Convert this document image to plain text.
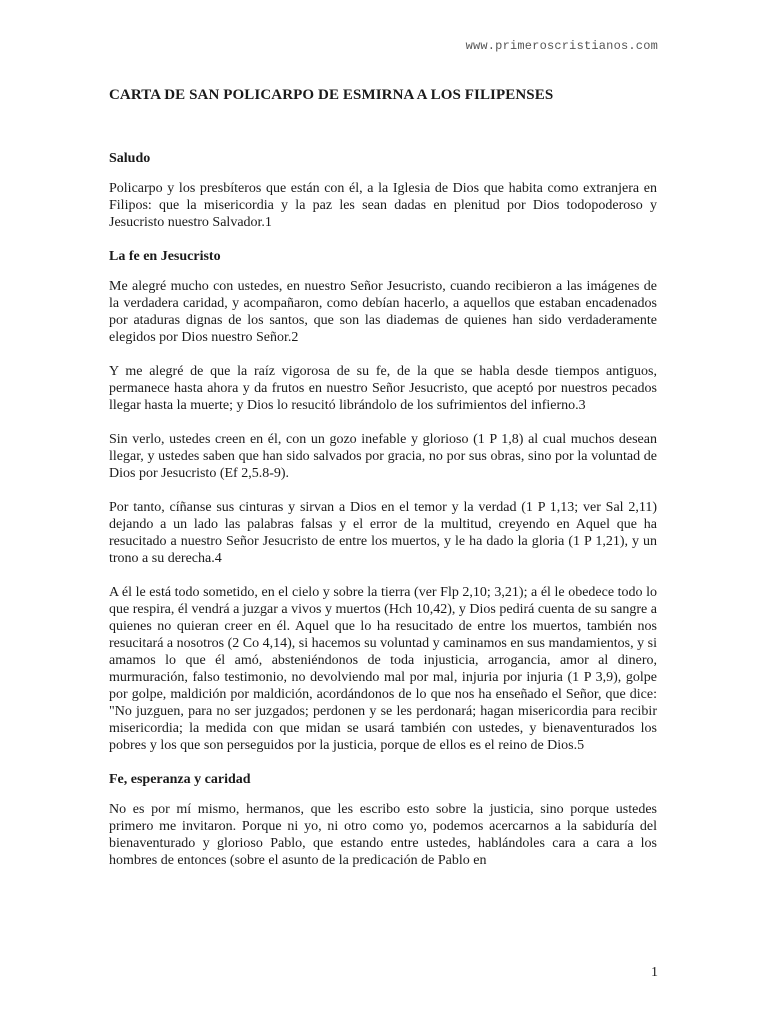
www.primeroscristianos.com
CARTA DE SAN POLICARPO DE ESMIRNA A LOS FILIPENSES
Saludo

Policarpo y los presbíteros que están con él, a la Iglesia de Dios que habita como extranjera en Filipos: que la misericordia y la paz les sean dadas en plenitud por Dios todopoderoso y Jesucristo nuestro Salvador.1

La fe en Jesucristo

Me alegré mucho con ustedes, en nuestro Señor Jesucristo, cuando recibieron a las imágenes de la verdadera caridad, y acompañaron, como debían hacerlo, a aquellos que estaban encadenados por ataduras dignas de los santos, que son las diademas de quienes han sido verdaderamente elegidos por Dios nuestro Señor.2

Y me alegré de que la raíz vigorosa de su fe, de la que se habla desde tiempos antiguos, permanece hasta ahora y da frutos en nuestro Señor Jesucristo, que aceptó por nuestros pecados llegar hasta la muerte; y Dios lo resucitó librándolo de los sufrimientos del infierno.3

Sin verlo, ustedes creen en él, con un gozo inefable y glorioso (1 P 1,8) al cual muchos desean llegar, y ustedes saben que han sido salvados por gracia, no por sus obras, sino por la voluntad de Dios por Jesucristo (Ef 2,5.8-9).

Por tanto, cíñanse sus cinturas y sirvan a Dios en el temor y la verdad (1 P 1,13; ver Sal 2,11) dejando a un lado las palabras falsas y el error de la multitud, creyendo en Aquel que ha resucitado a nuestro Señor Jesucristo de entre los muertos, y le ha dado la gloria (1 P 1,21), y un trono a su derecha.4

A él le está todo sometido, en el cielo y sobre la tierra (ver Flp 2,10; 3,21); a él le obedece todo lo que respira, él vendrá a juzgar a vivos y muertos (Hch 10,42), y Dios pedirá cuenta de su sangre a quienes no quieran creer en él. Aquel que lo ha resucitado de entre los muertos, también nos resucitará a nosotros (2 Co 4,14), si hacemos su voluntad y caminamos en sus mandamientos, y si amamos lo que él amó, absteniéndonos de toda injusticia, arrogancia, amor al dinero, murmuración, falso testimonio, no devolviendo mal por mal, injuria por injuria (1 P 3,9), golpe por golpe, maldición por maldición, acordándonos de lo que nos ha enseñado el Señor, que dice: "No juzguen, para no ser juzgados; perdonen y se les perdonará; hagan misericordia para recibir misericordia; la medida con que midan se usará también con ustedes, y bienaventurados los pobres y los que son perseguidos por la justicia, porque de ellos es el reino de Dios.5

Fe, esperanza y caridad

No es por mí mismo, hermanos, que les escribo esto sobre la justicia, sino porque ustedes primero me invitaron. Porque ni yo, ni otro como yo, podemos acercarnos a la sabiduría del bienaventurado y glorioso Pablo, que estando entre ustedes, hablándoles cara a cara a los hombres de entonces (sobre el asunto de la predicación de Pablo en

1
